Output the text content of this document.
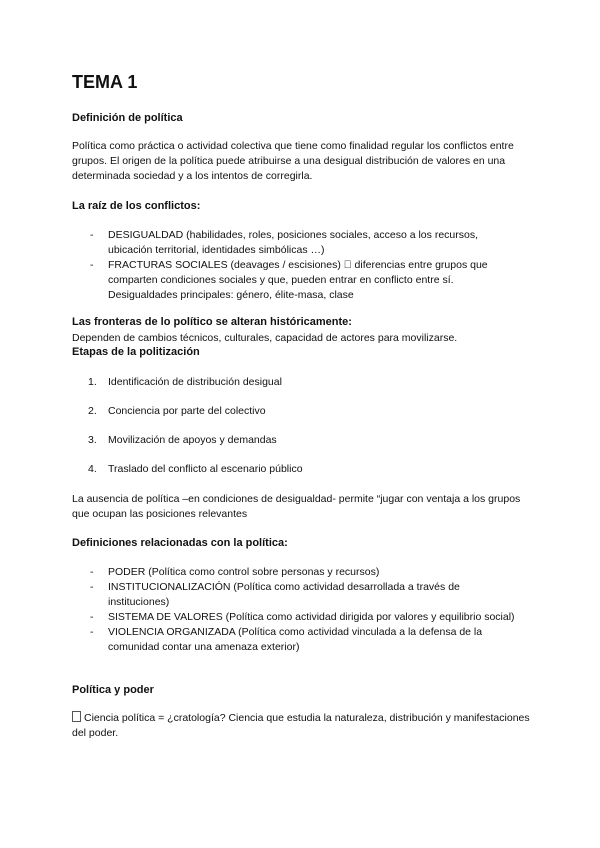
TEMA 1
Definición de política

Política como práctica o actividad colectiva que tiene como finalidad regular los conflictos entre grupos. El origen de la política puede atribuirse a una desigual distribución de valores en una determinada sociedad y a los intentos de corregirla.

La raíz de los conflictos:
- DESIGUALDAD (habilidades, roles, posiciones sociales, acceso a los recursos, ubicación territorial, identidades simbólicas …)
- FRACTURAS SOCIALES (deavages / escisiones) diferencias entre grupos que comparten condiciones sociales y que, pueden entrar en conflicto entre sí. Desigualdades principales: género, élite-masa, clase
Las fronteras de lo político se alteran históricamente:

Dependen de cambios técnicos, culturales, capacidad de actores para movilizarse.

Etapas de la politización
1. Identificación de distribución desigual
2. Conciencia por parte del colectivo
3. Movilización de apoyos y demandas
4. Traslado del conflicto al escenario público

La ausencia de política –en condiciones de desigualdad- permite “jugar con ventaja a los grupos que ocupan las posiciones relevantes

Definiciones relacionadas con la política:
- PODER (Política como control sobre personas y recursos)
- INSTITUCIONALIZACIÓN (Política como actividad desarrollada a través de instituciones)
- SISTEMA DE VALORES (Política como actividad dirigida por valores y equilibrio social)
- VIOLENCIA ORGANIZADA (Política como actividad vinculada a la defensa de la comunidad contar una amenaza exterior)
Política y poder

Ciencia política = ¿cratología? Ciencia que estudia la naturaleza, distribución y manifestaciones del poder.
